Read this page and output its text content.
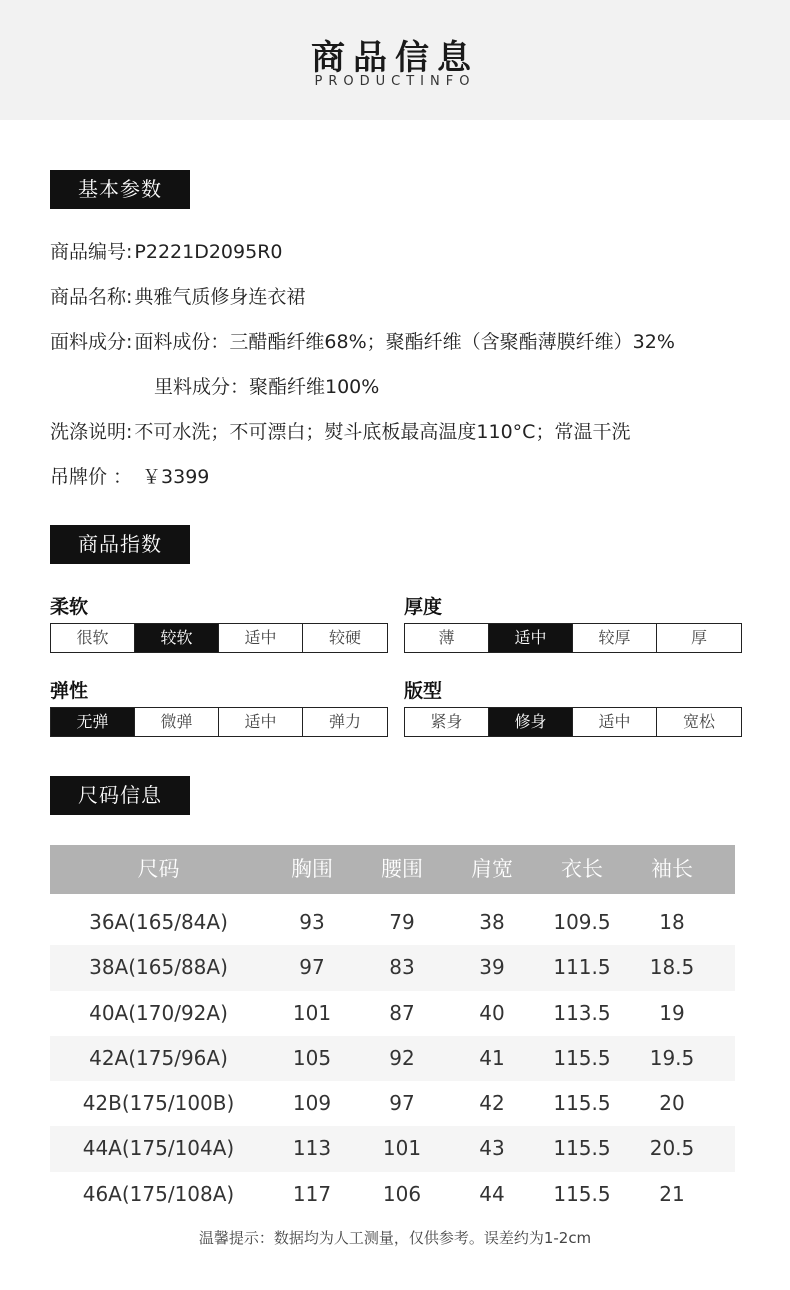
商品信息
PRODUCTINFO
基本参数
商品编号: P2221D2095R0
商品名称: 典雅气质修身连衣裙
面料成分: 面料成份：三醋酯纤维68%；聚酯纤维（含聚酯薄膜纤维）32%
里料成分：聚酯纤维100%
洗涤说明: 不可水洗；不可漂白；熨斗底板最高温度110°C；常温干洗
吊牌价 ： ￥3399
商品指数
柔软
很软	较软	适中	较硬
厚度
薄	适中	较厚	厚
弹性
无弹	微弹	适中	弹力
版型
紧身	修身	适中	宽松
尺码信息
尺码	胸围	腰围	肩宽	衣长	袖长
36A(165/84A)	93	79	38	109.5	18
38A(165/88A)	97	83	39	111.5	18.5
40A(170/92A)	101	87	40	113.5	19
42A(175/96A)	105	92	41	115.5	19.5
42B(175/100B)	109	97	42	115.5	20
44A(175/104A)	113	101	43	115.5	20.5
46A(175/108A)	117	106	44	115.5	21
温馨提示：数据均为人工测量，仅供参考。误差约为1-2cm
